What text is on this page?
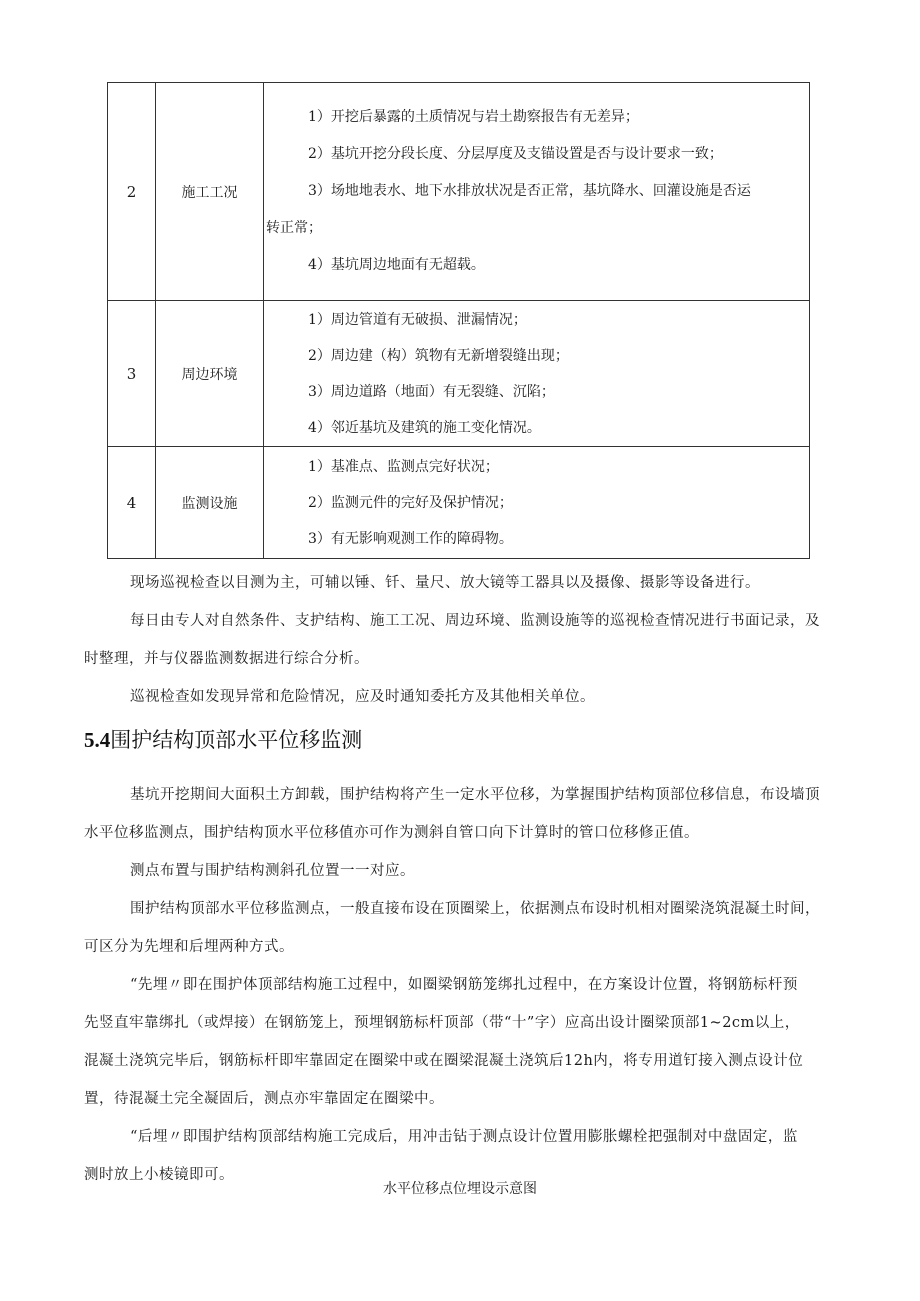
2	施工工况	1）开挖后暴露的土质情况与岩土勘察报告有无差异；
2）基坑开挖分段长度、分层厚度及支锚设置是否与设计要求一致；
3）场地地表水、地下水排放状况是否正常，基坑降水、回灌设施是否运
转正常；
4）基坑周边地面有无超载。

3	周边环境	1）周边管道有无破损、泄漏情况；
2）周边建（构）筑物有无新增裂缝出现；
3）周边道路（地面）有无裂缝、沉陷；
4）邻近基坑及建筑的施工变化情况。

4	监测设施	1）基准点、监测点完好状况；
2）监测元件的完好及保护情况；
3）有无影响观测工作的障碍物。
现场巡视检查以目测为主，可辅以锤、钎、量尺、放大镜等工器具以及摄像、摄影等设备进行。
每日由专人对自然条件、支护结构、施工工况、周边环境、监测设施等的巡视检查情况进行书面记录，及
时整理，并与仪器监测数据进行综合分析。
巡视检查如发现异常和危险情况，应及时通知委托方及其他相关单位。
5.4围护结构顶部水平位移监测
基坑开挖期间大面积土方卸载，围护结构将产生一定水平位移，为掌握围护结构顶部位移信息，布设墙顶
水平位移监测点，围护结构顶水平位移值亦可作为测斜自管口向下计算时的管口位移修正值。
测点布置与围护结构测斜孔位置一一对应。
围护结构顶部水平位移监测点，一般直接布设在顶圈梁上，依据测点布设时机相对圈梁浇筑混凝土时间，
可区分为先埋和后埋两种方式。
“先埋〃即在围护体顶部结构施工过程中，如圈梁钢筋笼绑扎过程中，在方案设计位置，将钢筋标杆预
先竖直牢靠绑扎（或焊接）在钢筋笼上，预埋钢筋标杆顶部（带“十”字）应高出设计圈梁顶部1~2cm以上，
混凝土浇筑完毕后，钢筋标杆即牢靠固定在圈梁中或在圈梁混凝土浇筑后12h内，将专用道钉接入测点设计位
置，待混凝土完全凝固后，测点亦牢靠固定在圈梁中。
“后埋〃即围护结构顶部结构施工完成后，用冲击钻于测点设计位置用膨胀螺栓把强制对中盘固定，监
测时放上小棱镜即可。
水平位移点位埋设示意图
